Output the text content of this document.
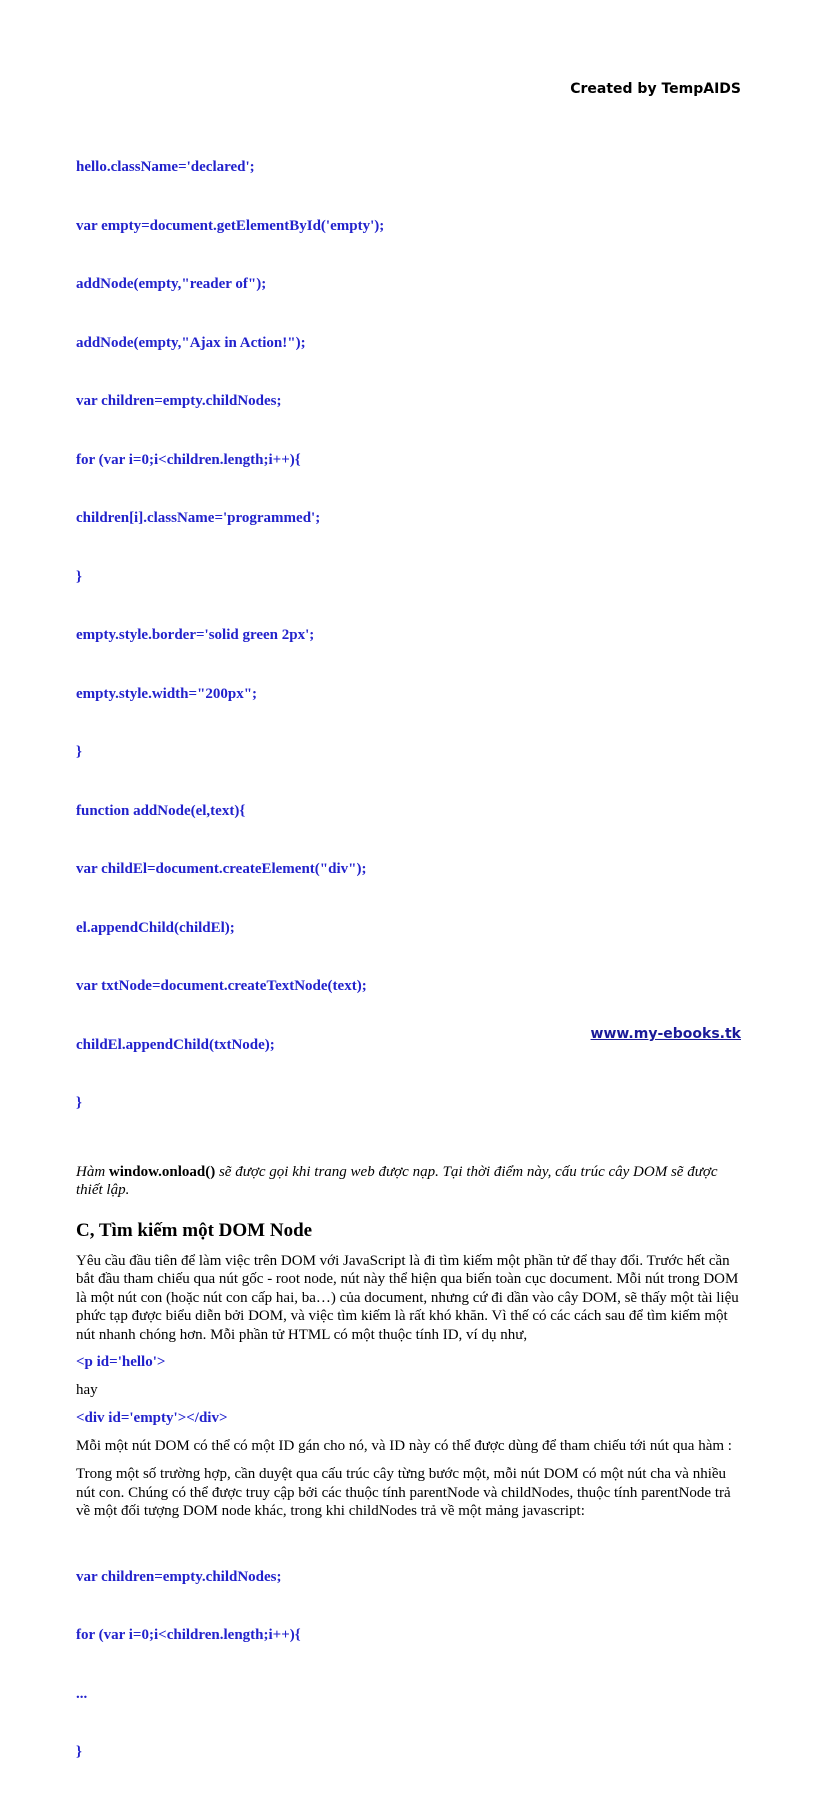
Created by TempAIDS

hello.className='declared';

var empty=document.getElementById('empty');

addNode(empty,"reader of");

addNode(empty,"Ajax in Action!");

var children=empty.childNodes;

for (var i=0;i<children.length;i++){

children[i].className='programmed';

}

empty.style.border='solid green 2px';

empty.style.width="200px";

}

function addNode(el,text){

var childEl=document.createElement("div");

el.appendChild(childEl);

var txtNode=document.createTextNode(text);

childEl.appendChild(txtNode);

}

Hàm window.onload() sẽ được gọi khi trang web được nạp. Tại thời điểm này, cấu trúc cây DOM sẽ được thiết lập.
C, Tìm kiếm một DOM Node
Yêu cầu đầu tiên để làm việc trên DOM với JavaScript là đi tìm kiếm một phần tử để thay đổi. Trước hết cần bắt đầu tham chiếu qua nút gốc - root node, nút này thể hiện qua biến toàn cục document. Mỗi nút trong DOM là một nút con (hoặc nút con cấp hai, ba…) của document, nhưng cứ đi dần vào cây DOM, sẽ thấy một tài liệu phức tạp được biểu diễn bởi DOM, và việc tìm kiếm là rất khó khăn. Vì thế có các cách sau để tìm kiếm một nút nhanh chóng hơn. Mỗi phần tử HTML có một thuộc tính ID, ví dụ như,
<p id='hello'>
hay
<div id='empty'></div>
Mỗi một nút DOM có thể có một ID gán cho nó, và ID này có thể được dùng để tham chiếu tới nút qua hàm :
Trong một số trường hợp, cần duyệt qua cấu trúc cây từng bước một, mỗi nút DOM có một nút cha và nhiều nút con. Chúng có thể được truy cập bởi các thuộc tính parentNode và childNodes, thuộc tính parentNode trả về một đối tượng DOM node khác, trong khi childNodes trả về một mảng javascript:

var children=empty.childNodes;

for (var i=0;i<children.length;i++){

...

}

www.my-ebooks.tk
